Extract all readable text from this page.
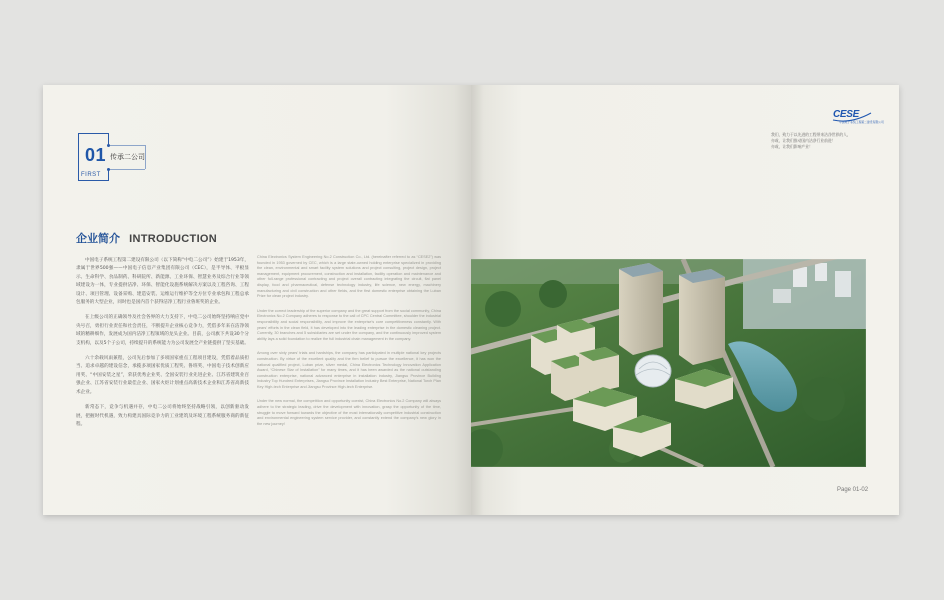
01 传承二公司
FIRST
企业简介 INTRODUCTION

中国电子系统工程第二建设有限公司（以下简称“中电二公司”）始建于1953年，隶属于世界500强——中国电子信息产业集团有限公司（CEC），是半导体、平板显示、生命科学、食品制药、科研院所、新能源、工业环保、智慧业务及综合行业等领域建设为一体，专业提供洁净、环保、智能化设施系统解决方案以及工程咨询、工程设计、项目管理、设备采购、建造安装、运维运行维护等全方位专业承包和工程总承包服务的大型企业，同时也是国内首个获得洁净工程行业鲁班奖的企业。

在上级公司的正确领导及社会各界的大力支持下，中电二公司始终坚持响应党中央号召，勇担行业责任和社会责任，不断提升企业核心竞争力，凭借多年来在洁净领域的精耕细作，发展成为国内洁净工程领域的龙头企业。目前，公司旗下共设30个分支机构，以及5个子公司，持续提升的系统能力为公司发展全产业链提供了坚实基础。

六十余载风雨兼程，公司先后参加了多项国家重点工程项目建设，凭借着品质担当、追求卓越的建设信念，承揽多项国家优质工程奖、鲁班奖、中国电子技术创新应用奖、“中国安装之星”，荣获优秀企业奖、全国安装行业先进企业、江苏省建筑业百强企业、江苏省安装行业最佳企业、国家火炬计划重点高新技术企业和江苏省高新技术企业。

新常态下，竞争与机遇并存，中电二公司将始终坚持战略引领，以创新驱动发展，把握时代机遇，致力构建具国际竞争力的工业建筑及环境工程系统服务商的新征程。

China Electronics System Engineering No.2 Construction Co., Ltd. (hereinafter referred to as “CESE2”) was founded in 1953 governed by CEC, which is a large state-owned holding enterprise specialized in providing the clean, environmental and smart facility system solutions and project consulting, project design, project management, equipment procurement, construction and installation, facility operation and maintenance and other full-range professional contracting and project overall contracting integrating the circuit, flat panel display, food and pharmaceutical, defense technology industry, life science, new energy, machinery manufacturing and civil construction and other fields, and the first domestic enterprise obtaining the Luban Prize for clean project industry.

Under the correct leadership of the superior company and the great support from the social community, China Electronics No.2 Company adheres to response to the call of CPC Central Committee, shoulder the industrial responsibility and social responsibility, and improve the enterprise’s core competitiveness constantly. With years’ efforts in the clean field, it has developed into the leading enterprise in the domestic cleaning project. Currently, 30 branches and 5 subsidiaries are set under the company, and the continuously improved system ability lays a solid foundation to realize the full industrial chain management in the company.

Among over sixty years’ trials and hardships, the company has participated in multiple national key projects construction. By virtue of the excellent quality and the firm belief to pursue the excellence, it has won the national qualified project, Luban prize, silver medal, China Electronics Technology Innovation Application Award, “Chinese Star of Installation” for many times, and it has been awarded as the national outstanding construction enterprise, national advanced enterprise in installation industry, Jiangsu Province Building Industry Top Hundred Enterprises, Jiangsu Province Installation Industry Best Enterprise, National Torch Plan Key High-tech Enterprise and Jiangsu Province High-tech Enterprise.

Under the new normal, the competition and opportunity coexist, China Electronics No.2 Company will always adhere to the strategic leading, drive the development with innovation, grasp the opportunity of the time, struggle to move forward towards the objective of the most internationally competitive industrial construction and environmental engineering system service provider, and constantly extend the company’s new glory in the new journey!

CESE
中国电子系统工程第二建设有限公司
我们，致力于以先进的工程带来洁净世界的人，
亦或，让我们推动国内洁净行业前进！
亦或，让我们影响产业！
Page 01-02
